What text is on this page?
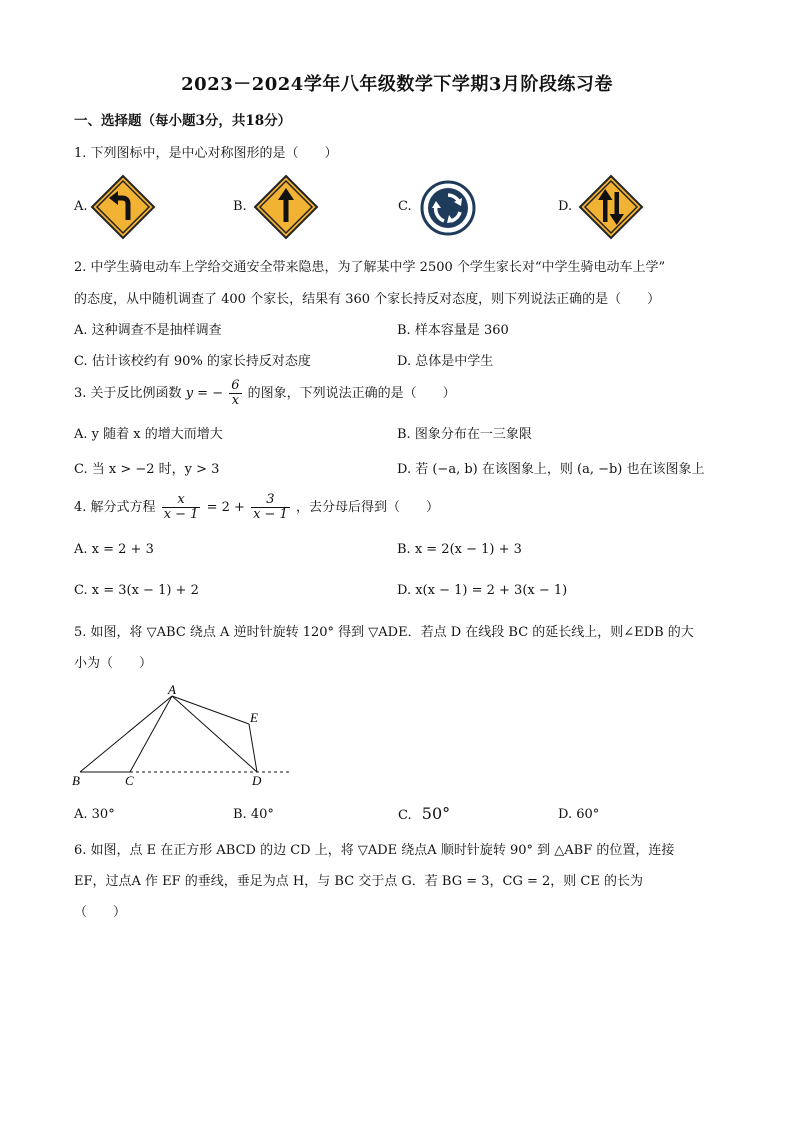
2023－2024学年八年级数学下学期3月阶段练习卷
一、选择题（每小题3分，共18分）
1. 下列图标中，是中心对称图形的是（　　）
A.	B.	C.	D.
2. 中学生骑电动车上学给交通安全带来隐患，为了解某中学 2500 个学生家长对“中学生骑电动车上学”
的态度，从中随机调查了 400 个家长，结果有 360 个家长持反对态度，则下列说法正确的是（　　）
A. 这种调查不是抽样调查	B. 样本容量是 360
C. 估计该校约有 90% 的家长持反对态度	D. 总体是中学生
3. 关于反比例函数 y = − $\frac{6}{x}$ 的图象，下列说法正确的是（　　）
A. y 随着 x 的增大而增大	B. 图象分布在一三象限
C. 当 x > −2 时，y > 3	D. 若 (−a, b) 在该图象上，则 (a, −b) 也在该图象上
4. 解分式方程 $\frac{x}{x - 1} = 2 + \frac{3}{x - 1}$ ，去分母后得到（　　）
A. x = 2 + 3	B. x = 2(x − 1) + 3
C. x = 3(x − 1) + 2	D. x(x − 1) = 2 + 3(x − 1)
5. 如图，将 ▽ABC 绕点 A 逆时针旋转 120° 得到 ▽ADE．若点 D 在线段 BC 的延长线上，则∠EDB 的大
小为（　　）
A
B	C	D
E
A. 30°	B. 40°	C. 50°	D. 60°
6. 如图，点 E 在正方形 ABCD 的边 CD 上，将 ▽ADE 绕点A 顺时针旋转 90° 到 △ABF 的位置，连接
EF，过点A 作 EF 的垂线，垂足为点 H，与 BC 交于点 G．若 BG = 3，CG = 2，则 CE 的长为
（　　）
